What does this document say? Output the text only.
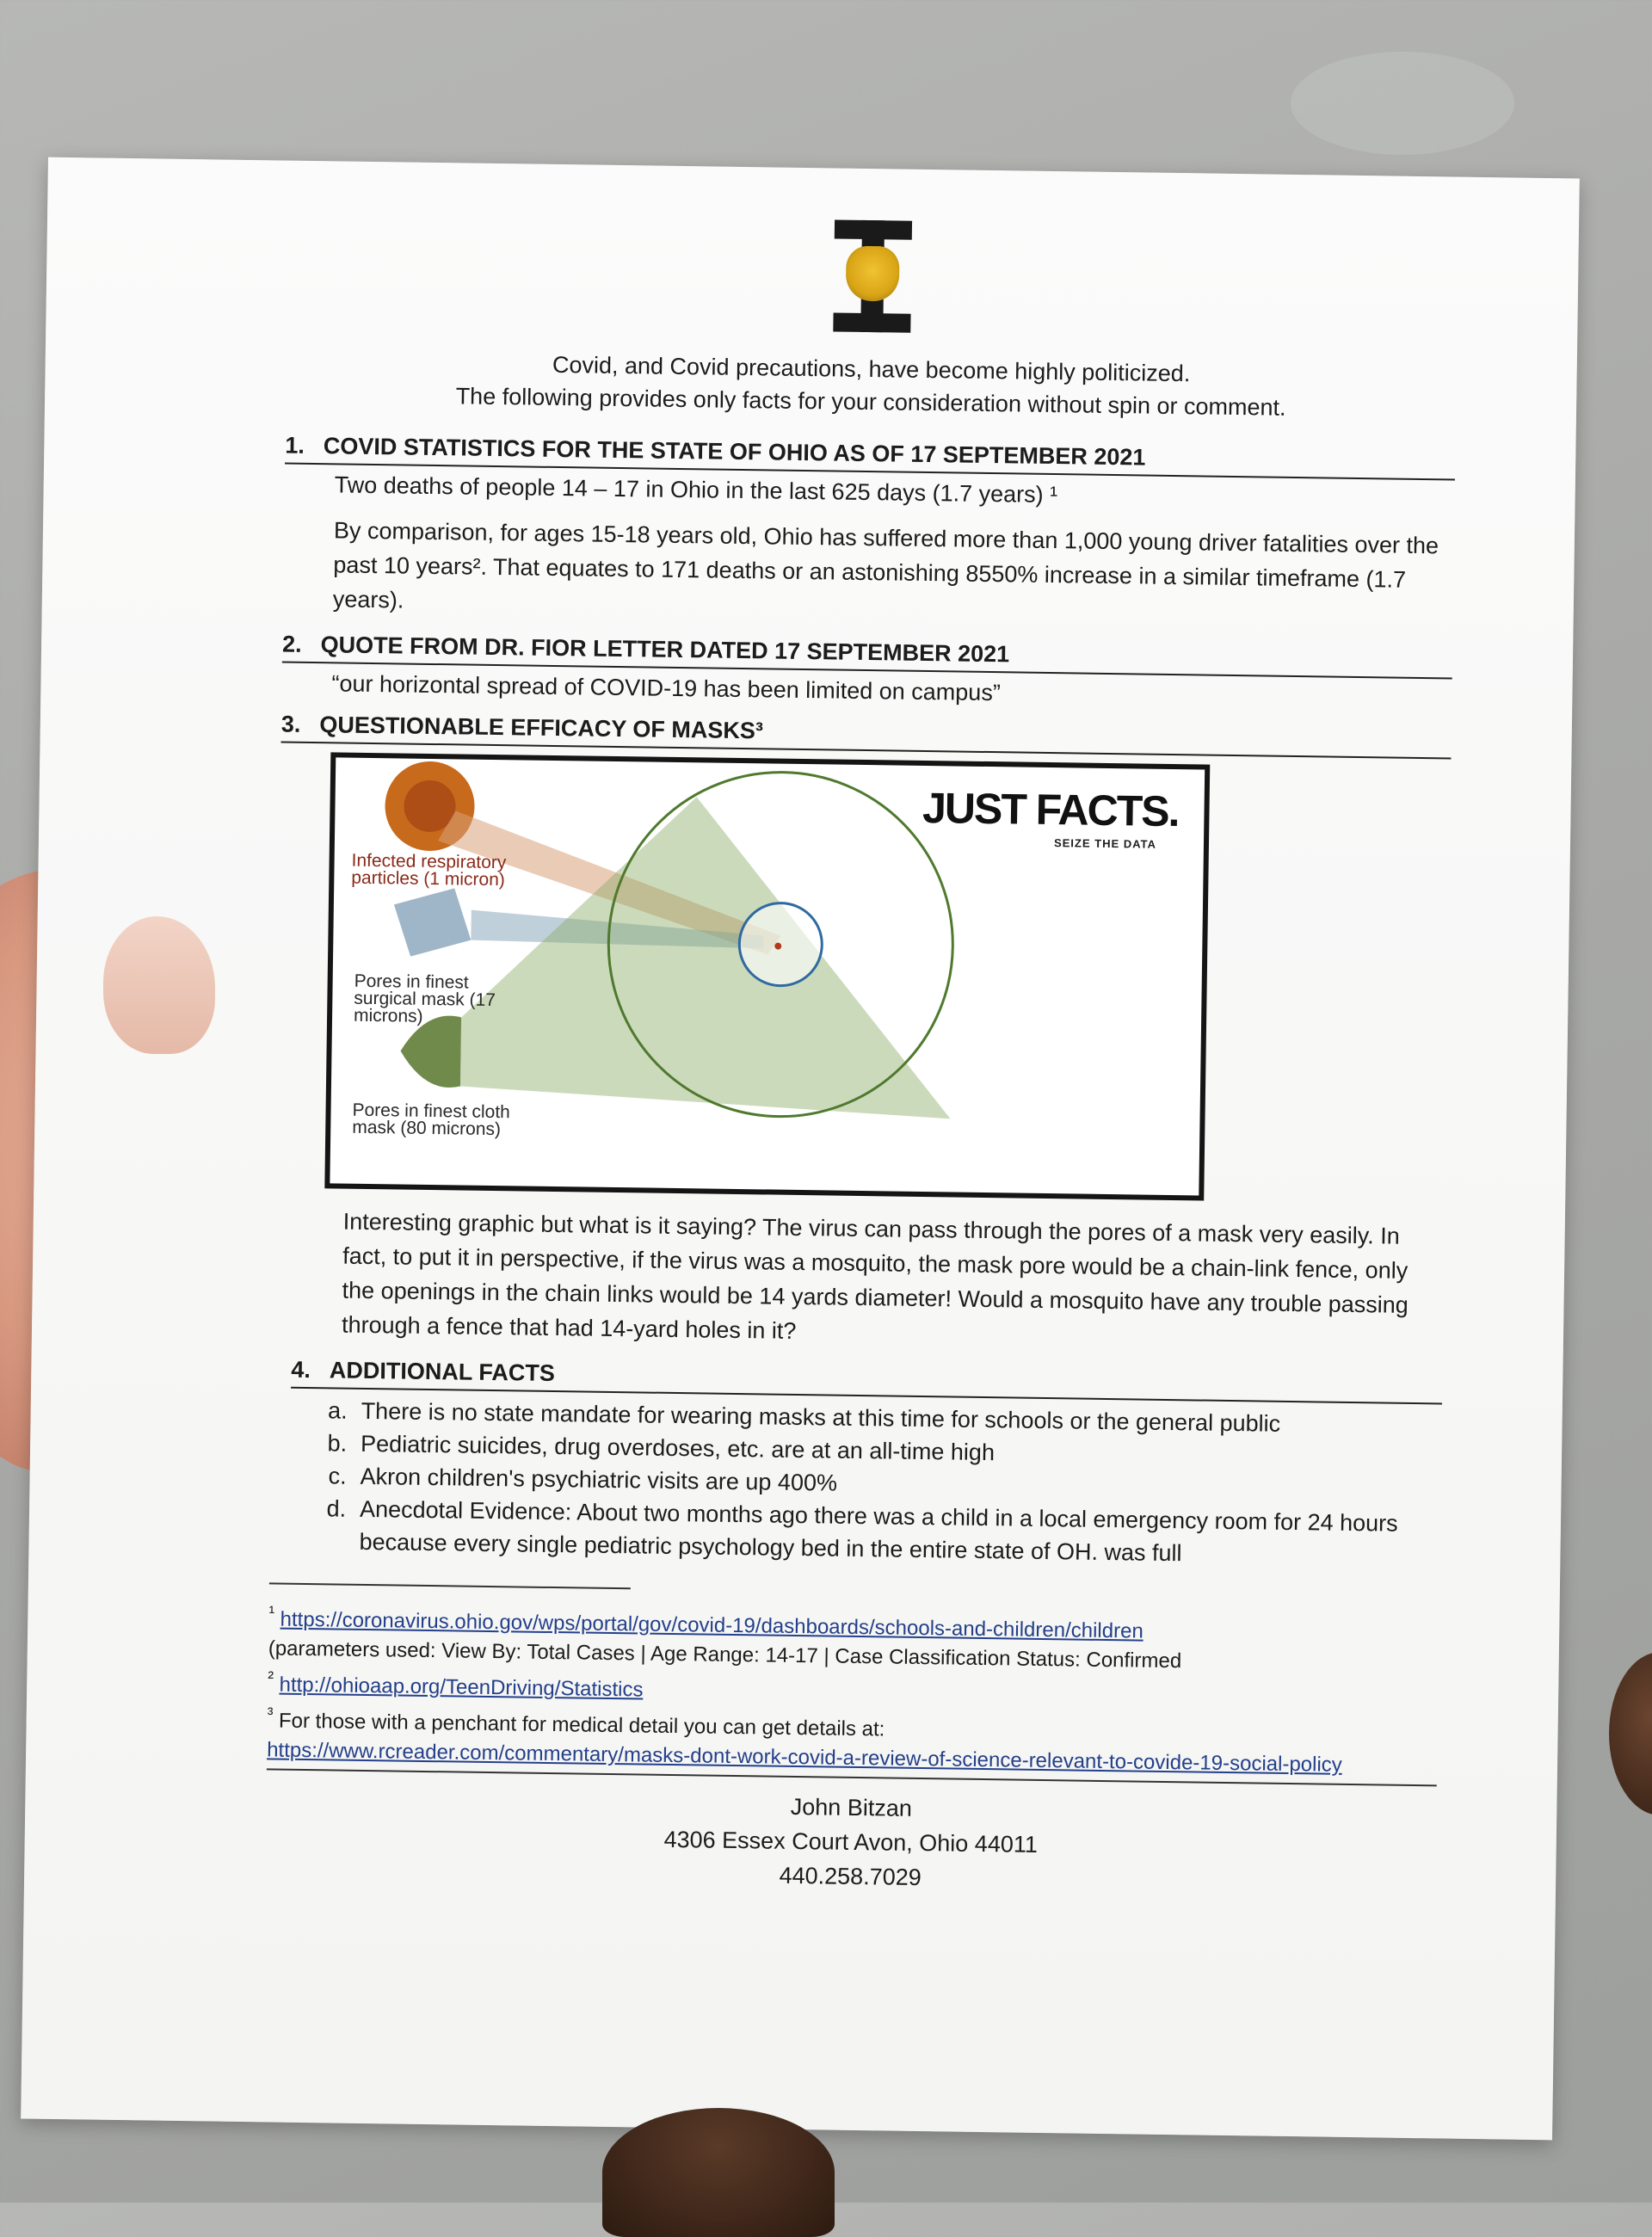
Covid, and Covid precautions, have become highly politicized.
The following provides only facts for your consideration without spin or comment.
1. COVID STATISTICS FOR THE STATE OF OHIO AS OF 17 SEPTEMBER 2021
Two deaths of people 14 – 17 in Ohio in the last 625 days (1.7 years) ¹
By comparison, for ages 15-18 years old, Ohio has suffered more than 1,000 young driver fatalities over the past 10 years². That equates to 171 deaths or an astonishing 8550% increase in a similar timeframe (1.7 years).
2. QUOTE FROM DR. FIOR LETTER DATED 17 SEPTEMBER 2021
“our horizontal spread of COVID-19 has been limited on campus”
3. QUESTIONABLE EFFICACY OF MASKS³
JUST FACTS.
SEIZE THE DATA
Infected respiratory particles (1 micron)
Pores in finest surgical mask (17 microns)
Pores in finest cloth mask (80 microns)
Interesting graphic but what is it saying? The virus can pass through the pores of a mask very easily. In fact, to put it in perspective, if the virus was a mosquito, the mask pore would be a chain-link fence, only the openings in the chain links would be 14 yards diameter! Would a mosquito have any trouble passing through a fence that had 14-yard holes in it?
4. ADDITIONAL FACTS
a. There is no state mandate for wearing masks at this time for schools or the general public
b. Pediatric suicides, drug overdoses, etc. are at an all-time high
c. Akron children's psychiatric visits are up 400%
d. Anecdotal Evidence: About two months ago there was a child in a local emergency room for 24 hours because every single pediatric psychology bed in the entire state of OH. was full
$^{^1}$ https://coronavirus.ohio.gov/wps/portal/gov/covid-19/dashboards/schools-and-children/children
(parameters used: View By: Total Cases | Age Range: 14-17 | Case Classification Status: Confirmed
$^{^2}$ http://ohioaap.org/TeenDriving/Statistics
$^{^3}$ For those with a penchant for medical detail you can get details at:
https://www.rcreader.com/commentary/masks-dont-work-covid-a-review-of-science-relevant-to-covide-19-social-policy
John Bitzan
4306 Essex Court Avon, Ohio 44011
440.258.7029
